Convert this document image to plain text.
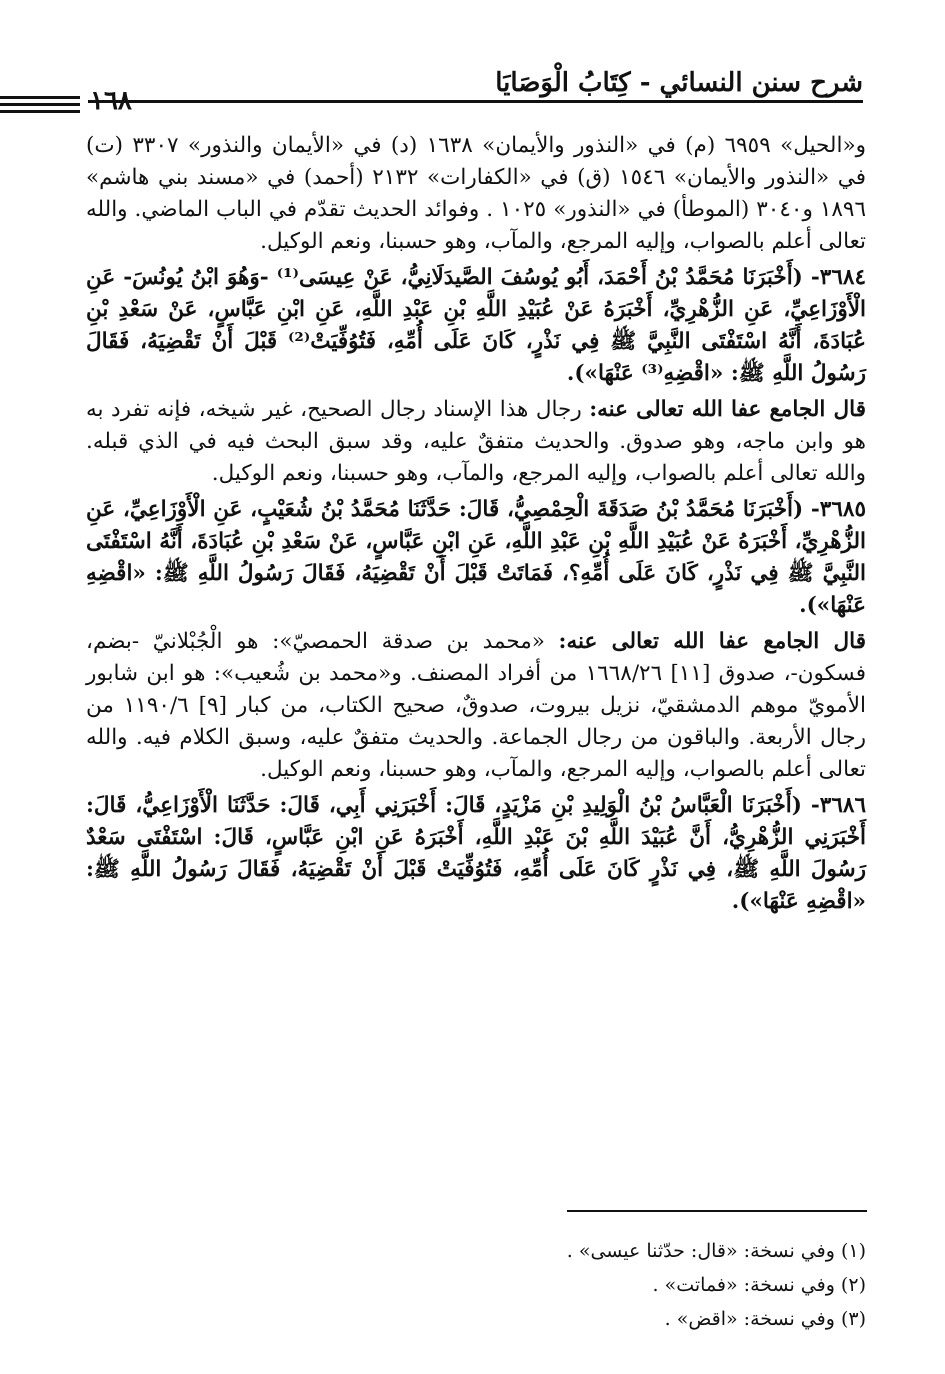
شرح سنن النسائي - كِتَابُ الْوَصَايَا
١٦٨

و«الحيل» ٦٩٥٩ (م) في «النذور والأيمان» ١٦٣٨ (د) في «الأيمان والنذور» ٣٣٠٧ (ت) في «النذور والأيمان» ١٥٤٦ (ق) في «الكفارات» ٢١٣٢ (أحمد) في «مسند بني هاشم» ١٨٩٦ و٣٠٤٠ (الموطأ) في «النذور» ١٠٢٥ . وفوائد الحديث تقدّم في الباب الماضي. والله تعالى أعلم بالصواب، وإليه المرجع، والمآب، وهو حسبنا، ونعم الوكيل.

٣٦٨٤- (أَخْبَرَنَا مُحَمَّدُ بْنُ أَحْمَدَ، أَبُو يُوسُفَ الصَّيدَلَانِيُّ، عَنْ عِيسَى⁽¹⁾ -وَهُوَ ابْنُ يُونُسَ- عَنِ الْأَوْزَاعِيِّ، عَنِ الزُّهْرِيِّ، أَخْبَرَهُ عَنْ عُبَيْدِ اللَّهِ بْنِ عَبْدِ اللَّهِ، عَنِ ابْنِ عَبَّاسٍ، عَنْ سَعْدِ بْنِ عُبَادَةَ، أَنَّهُ اسْتَفْتَى النَّبِيَّ ﷺ فِي نَذْرٍ، كَانَ عَلَى أُمِّهِ، فَتُوُفِّيَتْ⁽²⁾ قَبْلَ أَنْ تَقْضِيَهُ، فَقَالَ رَسُولُ اللَّهِ ﷺ: «اقْضِهِ⁽³⁾ عَنْهَا»).

قال الجامع عفا الله تعالى عنه: رجال هذا الإسناد رجال الصحيح، غير شيخه، فإنه تفرد به هو وابن ماجه، وهو صدوق. والحديث متفقٌ عليه، وقد سبق البحث فيه في الذي قبله. والله تعالى أعلم بالصواب، وإليه المرجع، والمآب، وهو حسبنا، ونعم الوكيل.

٣٦٨٥- (أَخْبَرَنَا مُحَمَّدُ بْنُ صَدَقَةَ الْحِمْصِيُّ، قَالَ: حَدَّثَنَا مُحَمَّدُ بْنُ شُعَيْبٍ، عَنِ الْأَوْزَاعِيِّ، عَنِ الزُّهْرِيِّ، أَخْبَرَهُ عَنْ عُبَيْدِ اللَّهِ بْنِ عَبْدِ اللَّهِ، عَنِ ابْنِ عَبَّاسٍ، عَنْ سَعْدِ بْنِ عُبَادَةَ، أَنَّهُ اسْتَفْتَى النَّبِيَّ ﷺ فِي نَذْرٍ، كَانَ عَلَى أُمِّهِ؟، فَمَاتَتْ قَبْلَ أَنْ تَقْضِيَهُ، فَقَالَ رَسُولُ اللَّهِ ﷺ: «اقْضِهِ عَنْهَا»).

قال الجامع عفا الله تعالى عنه: «محمد بن صدقة الحمصيّ»: هو الْجُبْلانيّ -بضم، فسكون-، صدوق [١١] ١٦٦٨/٢٦ من أفراد المصنف. و«محمد بن شُعيب»: هو ابن شابور الأمويّ موهم الدمشقيّ، نزيل بيروت، صدوقٌ، صحيح الكتاب، من كبار [٩] ١١٩٠/٦ من رجال الأربعة. والباقون من رجال الجماعة. والحديث متفقٌ عليه، وسبق الكلام فيه. والله تعالى أعلم بالصواب، وإليه المرجع، والمآب، وهو حسبنا، ونعم الوكيل.

٣٦٨٦- (أَخْبَرَنَا الْعَبَّاسُ بْنُ الْوَلِيدِ بْنِ مَزْيَدٍ، قَالَ: أَخْبَرَنِي أَبِي، قَالَ: حَدَّثَنَا الْأَوْزَاعِيُّ، قَالَ: أَخْبَرَنِي الزُّهْرِيُّ، أَنَّ عُبَيْدَ اللَّهِ بْنَ عَبْدِ اللَّهِ، أَخْبَرَهُ عَنِ ابْنِ عَبَّاسٍ، قَالَ: اسْتَفْتَى سَعْدٌ رَسُولَ اللَّهِ ﷺ، فِي نَذْرٍ كَانَ عَلَى أُمِّهِ، فَتُوُفِّيَتْ قَبْلَ أَنْ تَقْضِيَهُ، فَقَالَ رَسُولُ اللَّهِ ﷺ: «اقْضِهِ عَنْهَا»).

(١) وفي نسخة: «قال: حدّثنا عيسى» .
(٢) وفي نسخة: «فماتت» .
(٣) وفي نسخة: «اقض» .
